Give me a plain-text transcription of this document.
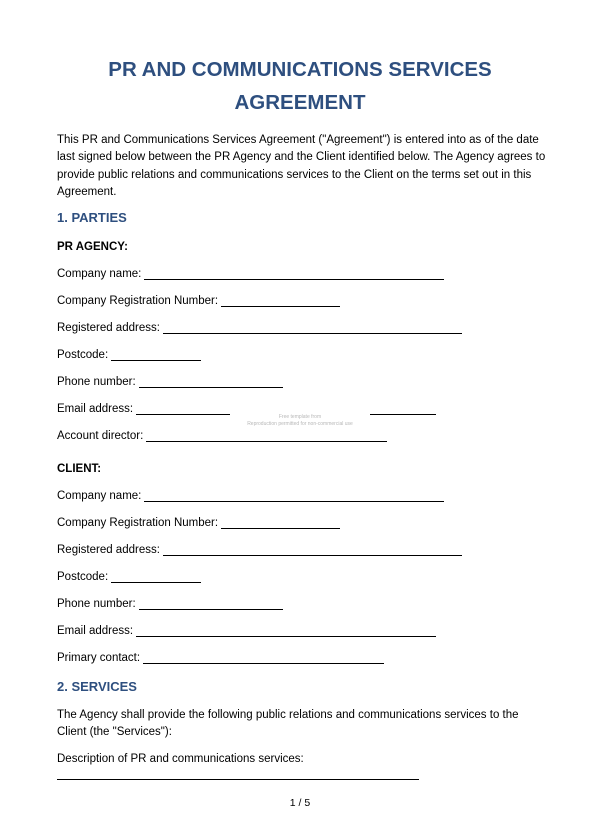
PR AND COMMUNICATIONS SERVICES
AGREEMENT

This PR and Communications Services Agreement ("Agreement") is entered into as of the date last signed below between the PR Agency and the Client identified below. The Agency agrees to provide public relations and communications services to the Client on the terms set out in this Agreement.

1. PARTIES

PR AGENCY:

Company name:
Company Registration Number:
Registered address:
Postcode:
Phone number:
Email address:
Account director:
Free template from
Reproduction permitted for non-commercial use

CLIENT:

Company name:
Company Registration Number:
Registered address:
Postcode:
Phone number:
Email address:
Primary contact:
2. SERVICES

The Agency shall provide the following public relations and communications services to the Client (the "Services"):

Description of PR and communications services:

1 / 5
